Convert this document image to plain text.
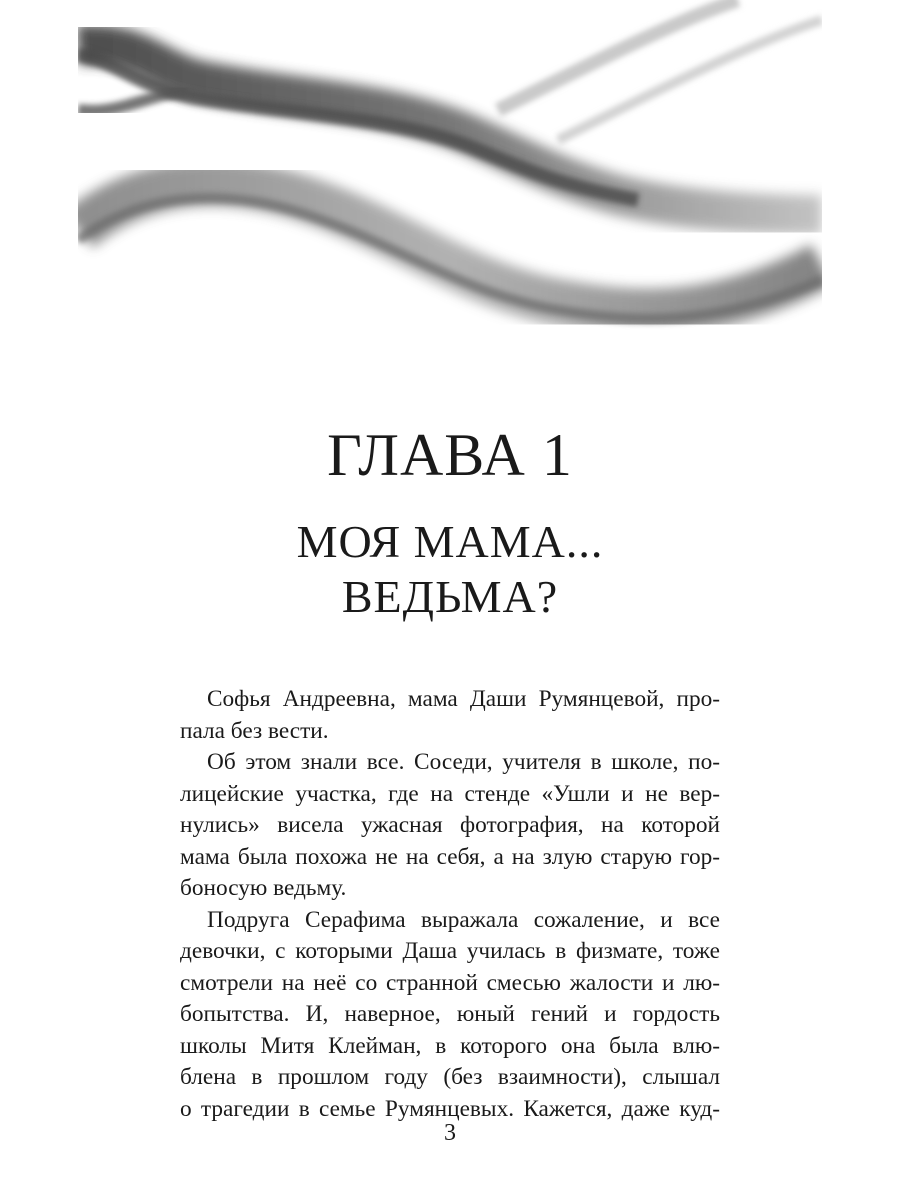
ГЛАВА 1
МОЯ МАМА...
ВЕДЬМА?
Софья Андреевна, мама Даши Румянцевой, про-
пала без вести.
Об этом знали все. Соседи, учителя в школе, по-
лицейские участка, где на стенде «Ушли и не вер-
нулись» висела ужасная фотография, на которой
мама была похожа не на себя, а на злую старую гор-
боносую ведьму.
Подруга Серафима выражала сожаление, и все
девочки, с которыми Даша училась в физмате, тоже
смотрели на неё со странной смесью жалости и лю-
бопытства. И, наверное, юный гений и гордость
школы Митя Клейман, в которого она была влю-
блена в прошлом году (без взаимности), слышал
о трагедии в семье Румянцевых. Кажется, даже куд-
3
